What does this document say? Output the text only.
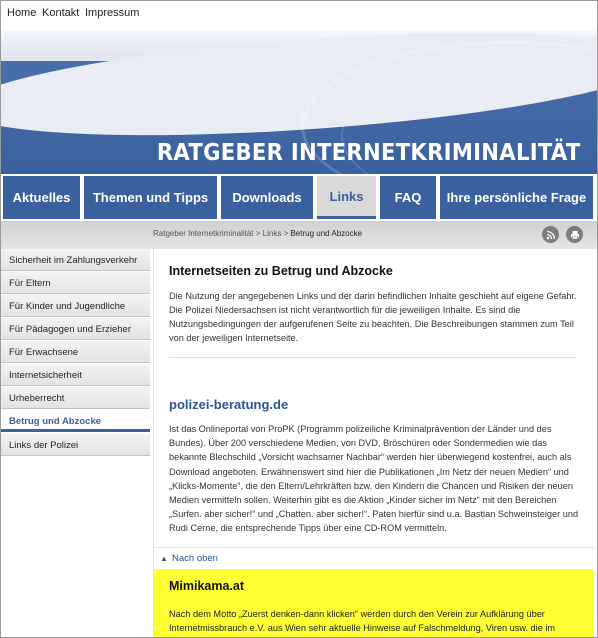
Home Kontakt Impressum
RATGEBER INTERNETKRIMINALITÄT
Aktuelles	Themen und Tipps	Downloads	Links	FAQ	Ihre persönliche Frage
Ratgeber Internetkriminalität > Links > Betrug und Abzocke
Sicherheit im Zahlungsverkehr
Für Eltern
Für Kinder und Jugendliche
Für Pädagogen und Erzieher
Für Erwachsene
Internetsicherheit
Urheberrecht
Betrug und Abzocke
Links der Polizei
Internetseiten zu Betrug und Abzocke

Die Nutzung der angegebenen Links und der darin befindlichen Inhalte geschieht auf eigene Gefahr. Die Polizei Niedersachsen ist nicht verantwortlich für die jeweiligen Inhalte. Es sind die Nutzungsbedingungen der aufgerufenen Seite zu beachten. Die Beschreibungen stammen zum Teil von der jeweiligen Internetseite.

polizei-beratung.de

Ist das Onlineportal von ProPK (Programm polizeiliche Kriminalprävention der Länder und des Bundes). Über 200 verschiedene Medien, von DVD, Bröschüren oder Sondermedien wie das bekannte Blechschild „Vorsicht wachsamer Nachbar“ werden hier überwiegend kostenfrei, auch als Download angeboten. Erwähnenswert sind hier die Publikationen „Im Netz der neuen Medien“ und „Klicks-Momente“, die den Eltern/Lehrkräften bzw. den Kindern die Chancen und Risiken der neuen Medien vermitteln sollen. Weiterhin gibt es die Aktion „Kinder sicher im Netz“ mit den Bereichen „Surfen. aber sicher!“ und „Chatten. aber sicher!“. Paten hierfür sind u.a. Bastian Schweinsteiger und Rudi Cerne, die entsprechende Tipps über eine CD-ROM vermitteln.

▲ Nach oben
Mimikama.at

Nach dem Motto „Zuerst denken-dann klicken“ werden durch den Verein zur Aufklärung über Internetmissbrauch e.V. aus Wien sehr aktuelle Hinweise auf Falschmeldung, Viren usw. die im
